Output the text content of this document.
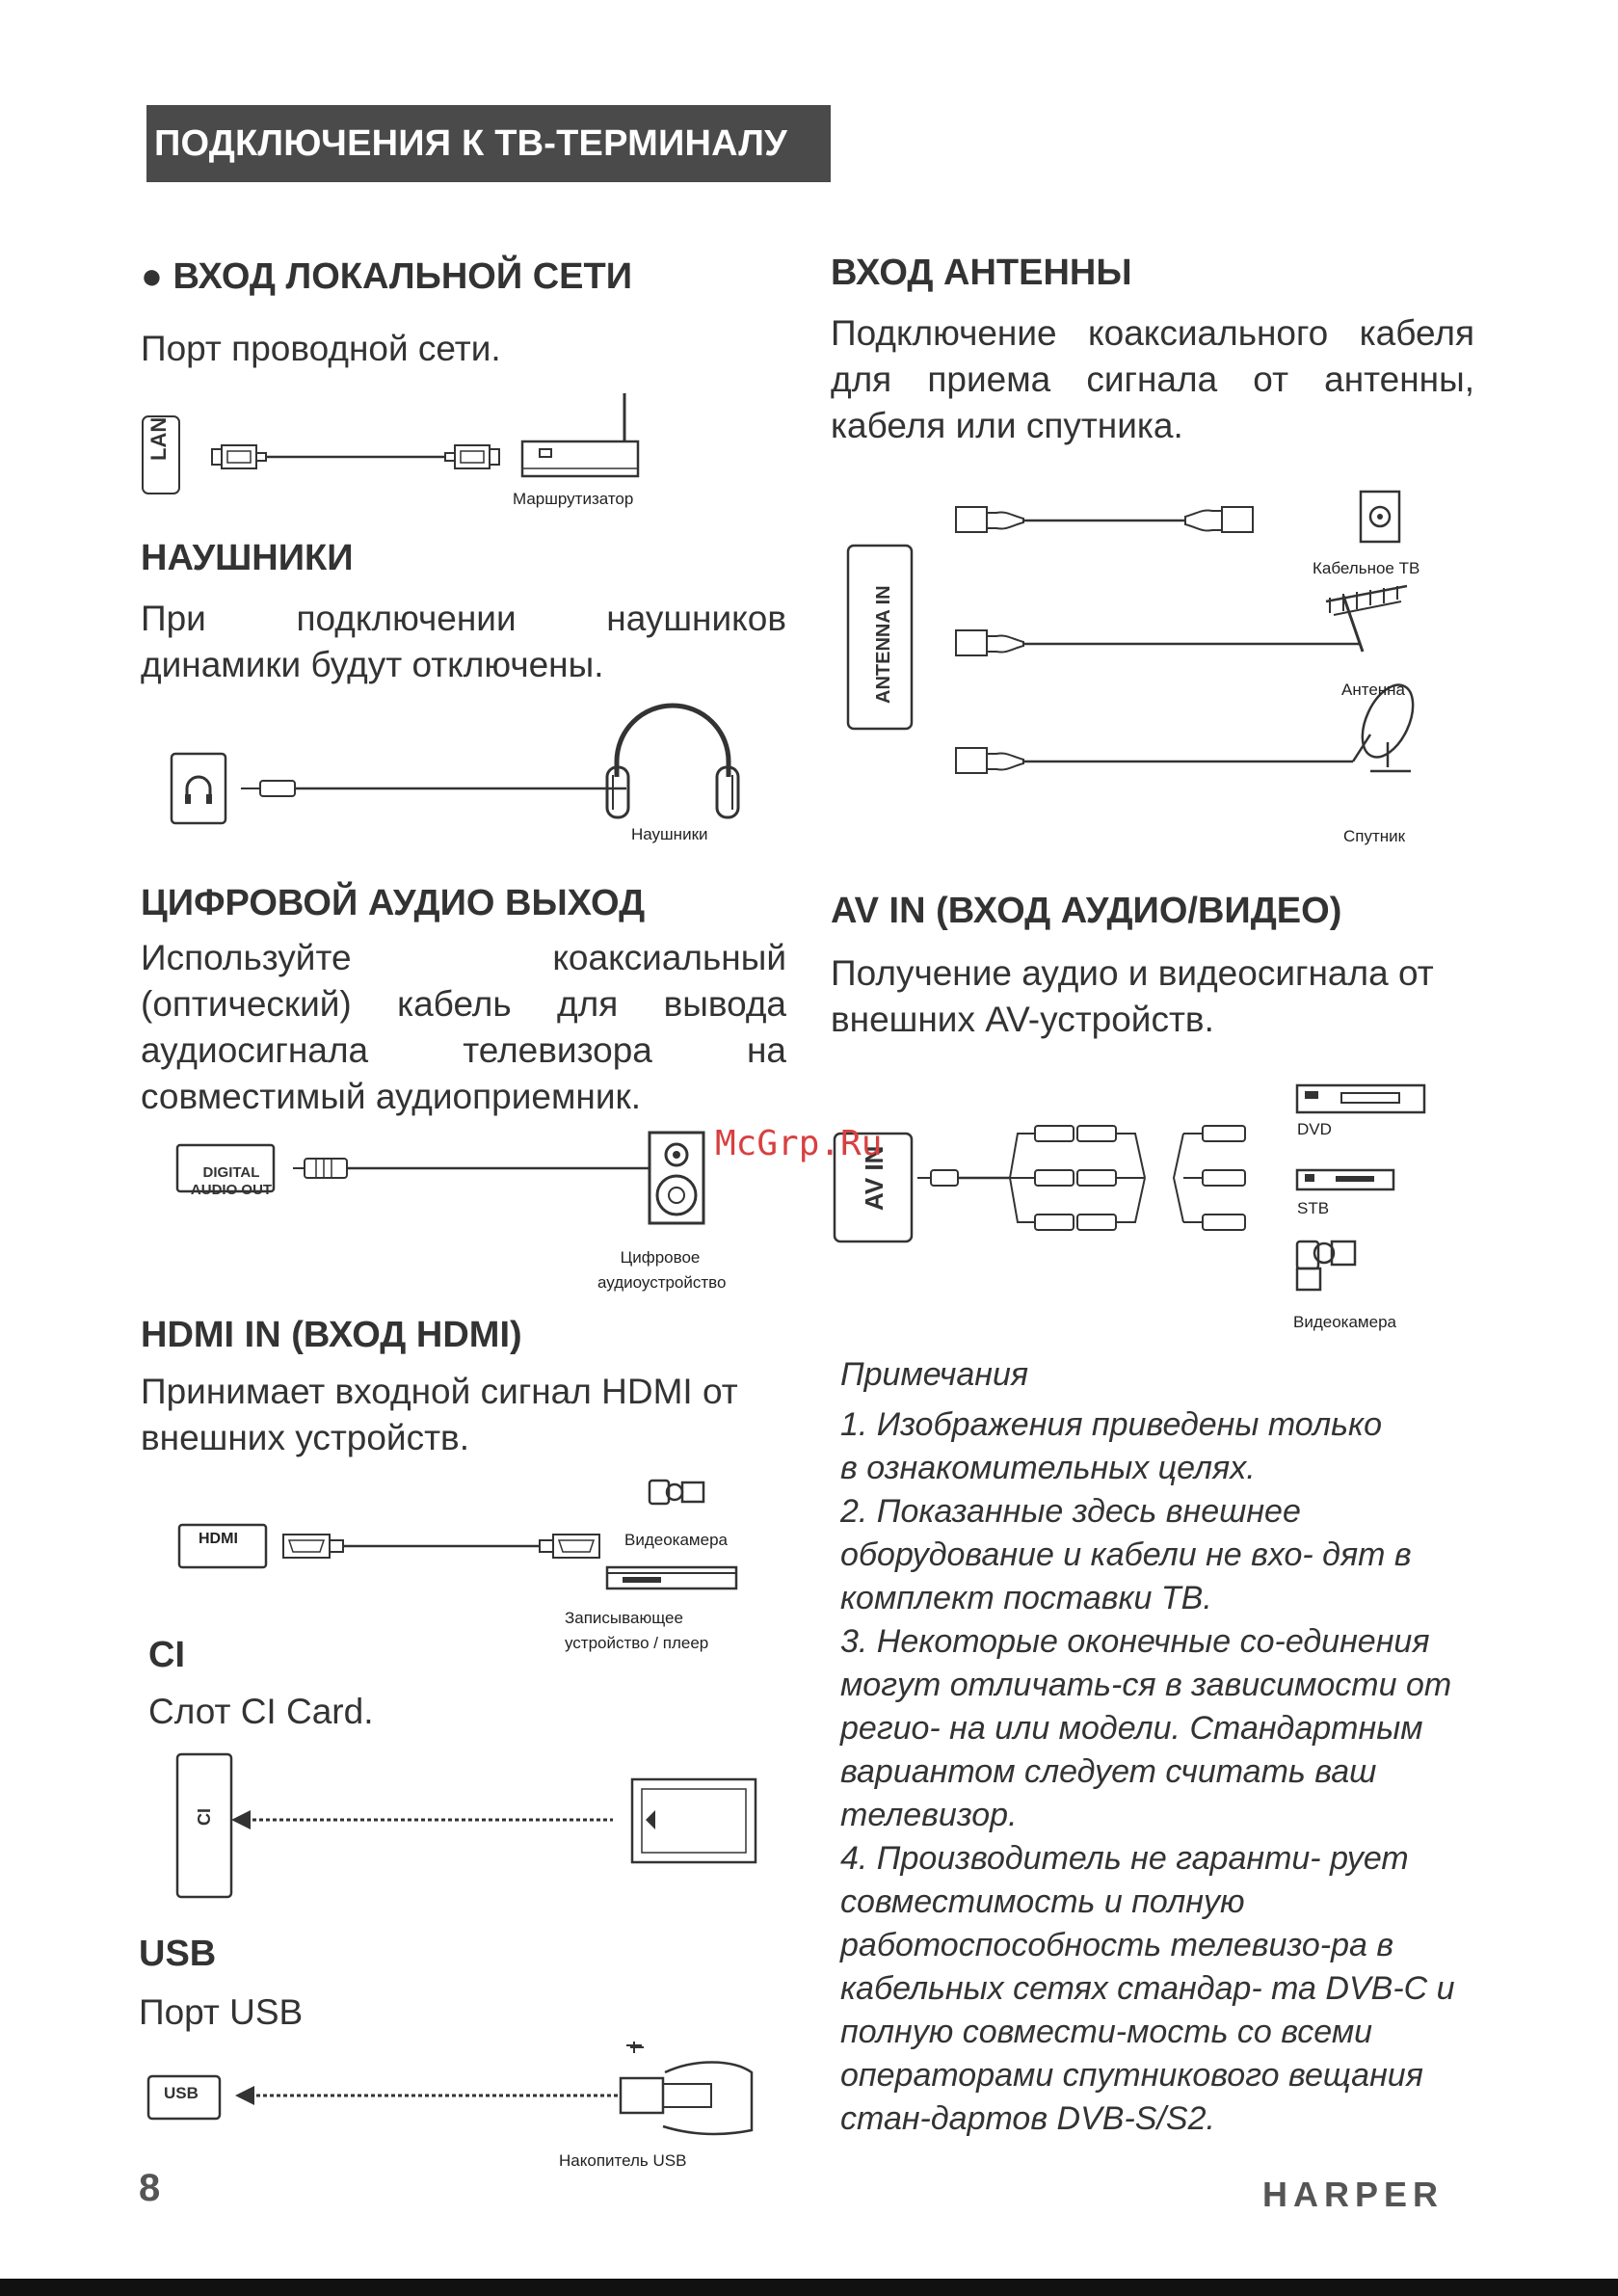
ПОДКЛЮЧЕНИЯ К ТВ-ТЕРМИНАЛУ
● ВХОД ЛОКАЛЬНОЙ СЕТИ
Порт проводной сети.
LAN
Маршрутизатор
НАУШНИКИ
При подключении наушников динамики будут отключены.
Наушники
ЦИФРОВОЙ АУДИО ВЫХОД
Используйте коаксиальный (оптический) кабель для вывода аудиосигнала телевизора на совместимый аудиоприемник.
DIGITAL
AUDIO OUT
Цифровое
аудиоустройство
HDMI IN (ВХОД HDMI)
Принимает входной сигнал HDMI от внешних устройств.
HDMI	Видеокамера
Записывающее
устройство / плеер
CI
Слот CI Card.
CI
USB
Порт USB
USB
Накопитель USB
8
ВХОД АНТЕННЫ
Подключение коаксиального кабеля для приема сигнала от антенны, кабеля или спутника.
ANTENNA IN
Кабельное ТВ
Антенна
Спутник
AV IN (ВХОД АУДИО/ВИДЕО)
Получение аудио и видеосигнала от внешних AV-устройств.
AV IN
DVD
STB
Видеокамера
Примечания
1. Изображения приведены только
в ознакомительных целях.
2. Показанные здесь внешнее
оборудование и кабели не вхо- дят в
комплект поставки ТВ.
3. Некоторые оконечные со-единения
могут отличать-ся в зависимости от
регио- на или модели. Стандартным
вариантом следует считать ваш
телевизор.
4. Производитель не гаранти- рует
совместимость и полную
работоспособность телевизо-ра в
кабельных сетях стандар- та DVB-C и
полную совмести-мость со всеми
операторами спутникового вещания
стан-дартов DVB-S/S2.
McGrp.Ru
HARPER
